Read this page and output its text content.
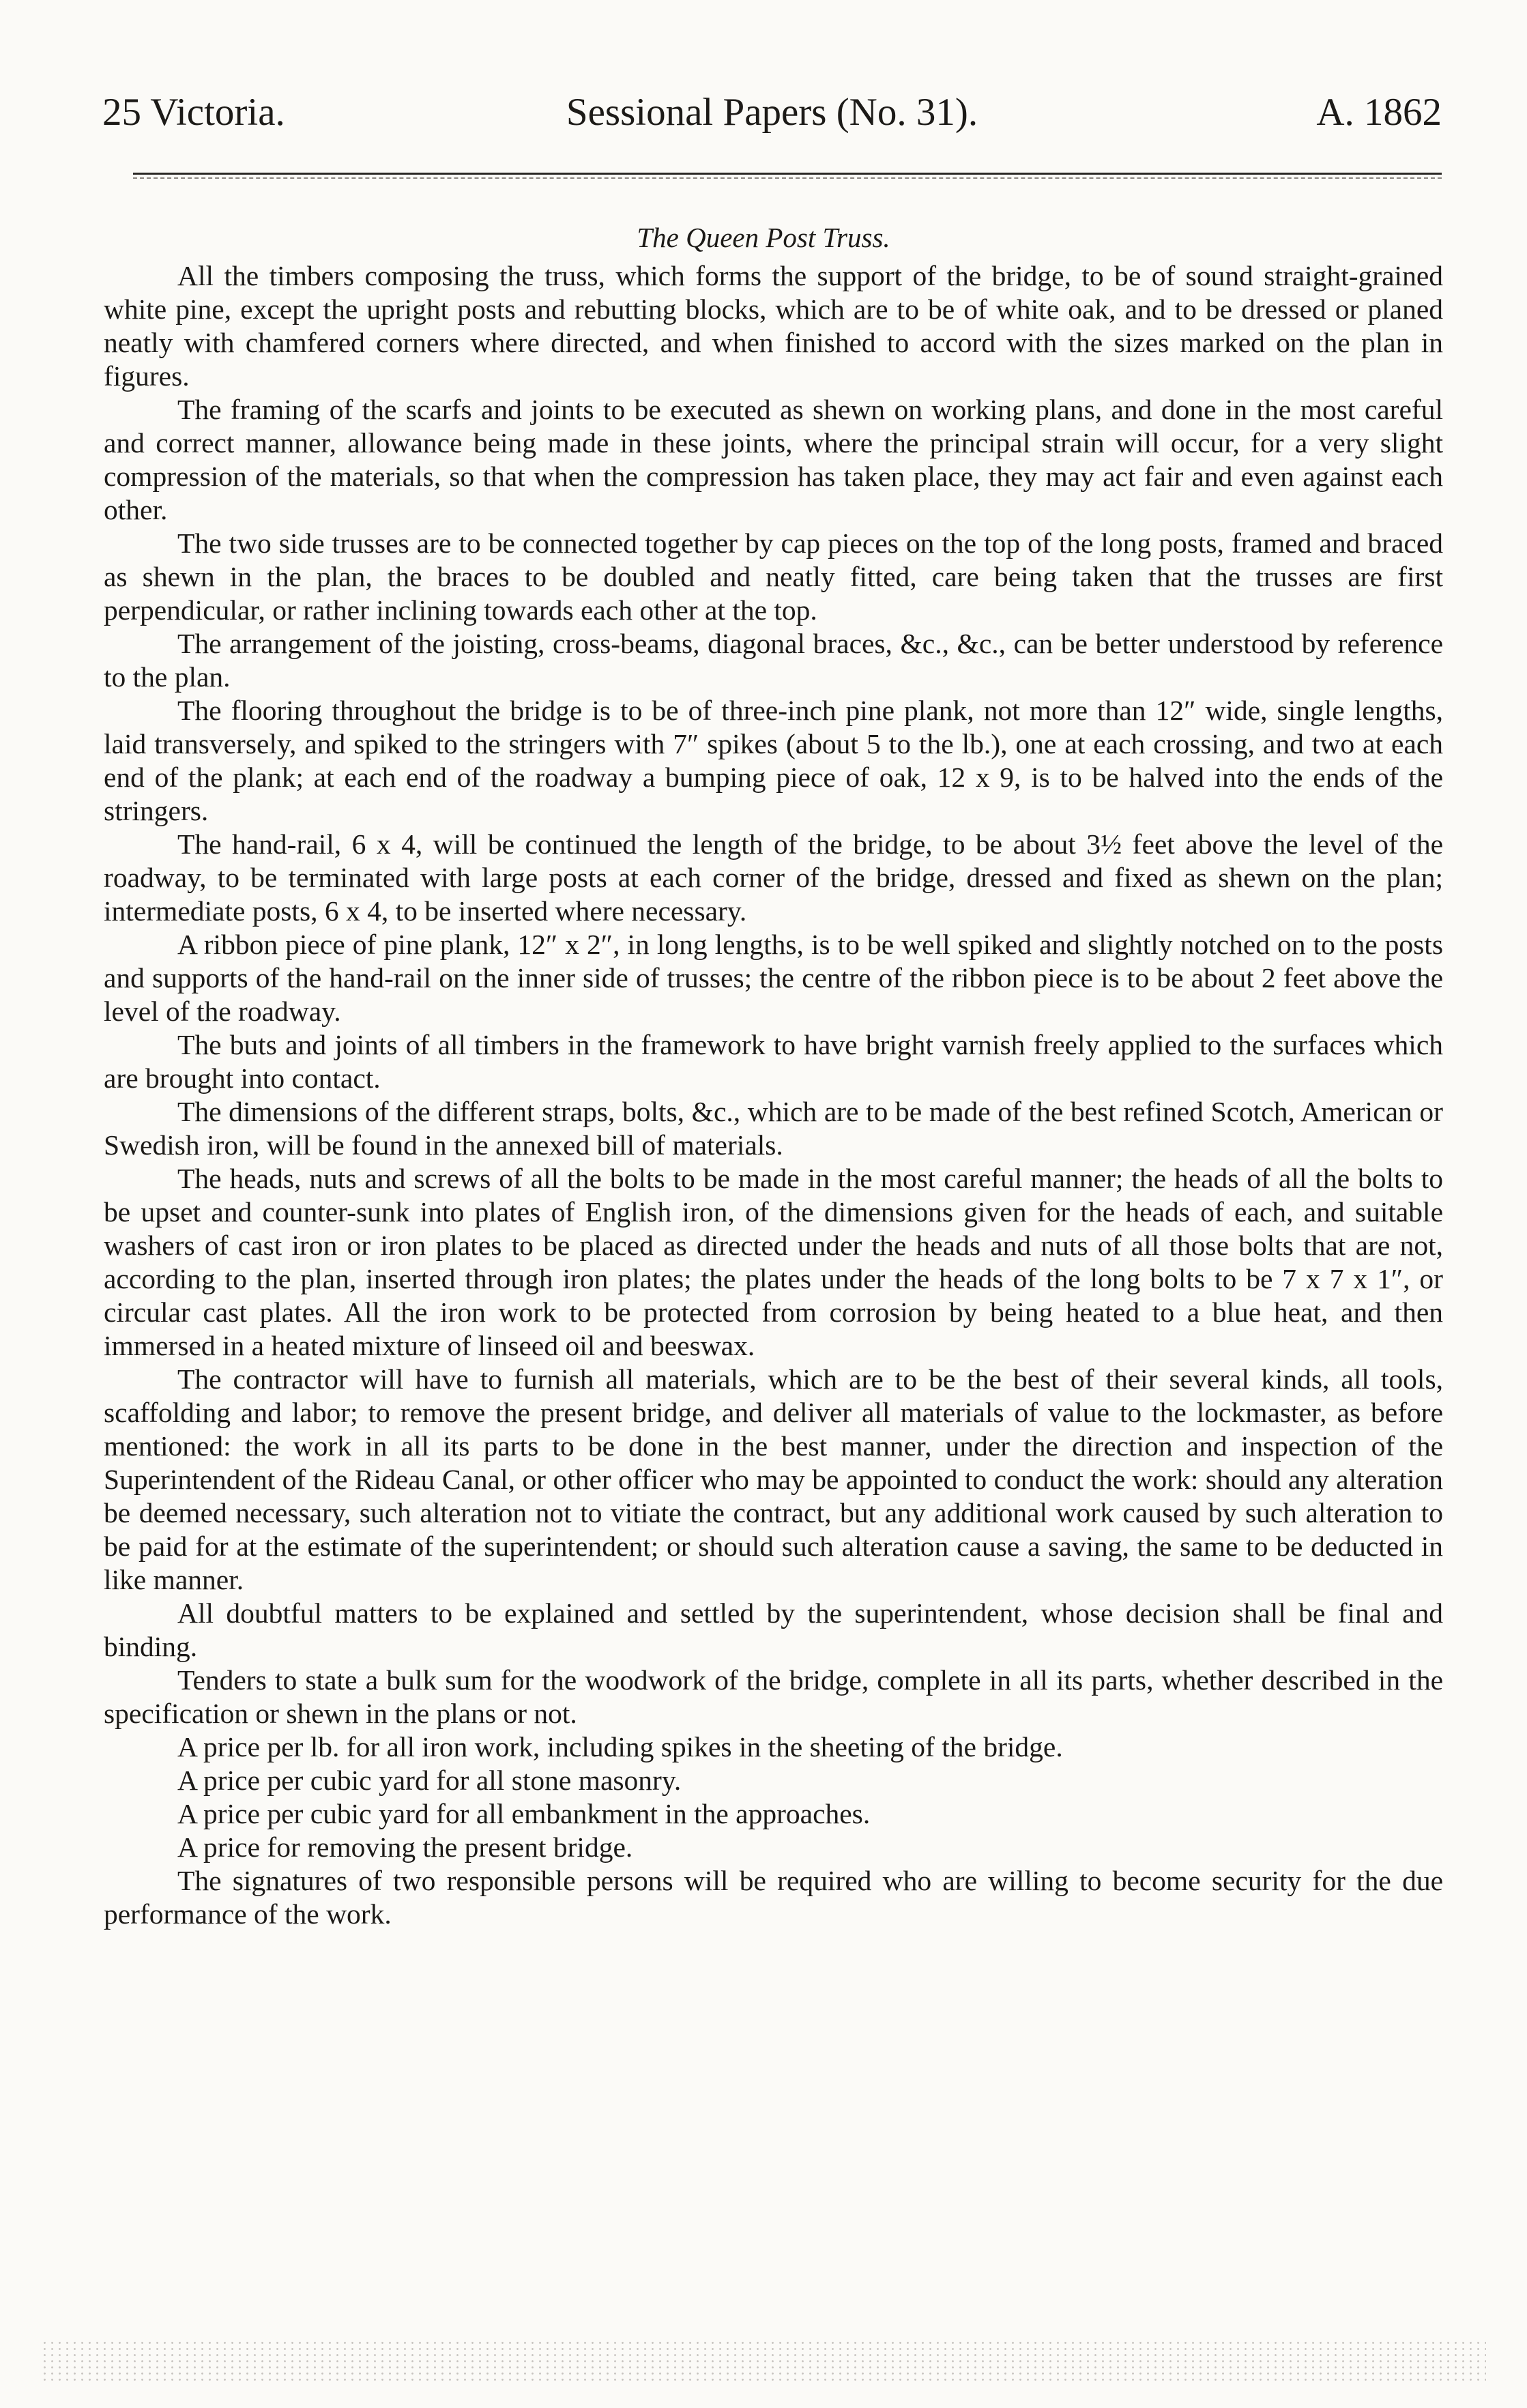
25 Victoria.	Sessional Papers (No. 31).	A. 1862
The Queen Post Truss.

All the timbers composing the truss, which forms the support of the bridge, to be of sound straight-grained white pine, except the upright posts and rebutting blocks, which are to be of white oak, and to be dressed or planed neatly with chamfered corners where directed, and when finished to accord with the sizes marked on the plan in figures.

The framing of the scarfs and joints to be executed as shewn on working plans, and done in the most careful and correct manner, allowance being made in these joints, where the principal strain will occur, for a very slight compression of the materials, so that when the compression has taken place, they may act fair and even against each other.

The two side trusses are to be connected together by cap pieces on the top of the long posts, framed and braced as shewn in the plan, the braces to be doubled and neatly fitted, care being taken that the trusses are first perpendicular, or rather inclining towards each other at the top.

The arrangement of the joisting, cross-beams, diagonal braces, &c., &c., can be better understood by reference to the plan.

The flooring throughout the bridge is to be of three-inch pine plank, not more than 12″ wide, single lengths, laid transversely, and spiked to the stringers with 7″ spikes (about 5 to the lb.), one at each crossing, and two at each end of the plank; at each end of the roadway a bumping piece of oak, 12 x 9, is to be halved into the ends of the stringers.

The hand-rail, 6 x 4, will be continued the length of the bridge, to be about 3½ feet above the level of the roadway, to be terminated with large posts at each corner of the bridge, dressed and fixed as shewn on the plan; intermediate posts, 6 x 4, to be inserted where necessary.

A ribbon piece of pine plank, 12″ x 2″, in long lengths, is to be well spiked and slightly notched on to the posts and supports of the hand-rail on the inner side of trusses; the centre of the ribbon piece is to be about 2 feet above the level of the roadway.

The buts and joints of all timbers in the framework to have bright varnish freely applied to the surfaces which are brought into contact.

The dimensions of the different straps, bolts, &c., which are to be made of the best refined Scotch, American or Swedish iron, will be found in the annexed bill of materials.

The heads, nuts and screws of all the bolts to be made in the most careful manner; the heads of all the bolts to be upset and counter-sunk into plates of English iron, of the dimensions given for the heads of each, and suitable washers of cast iron or iron plates to be placed as directed under the heads and nuts of all those bolts that are not, according to the plan, inserted through iron plates; the plates under the heads of the long bolts to be 7 x 7 x 1″, or circular cast plates. All the iron work to be protected from corrosion by being heated to a blue heat, and then immersed in a heated mixture of linseed oil and beeswax.

The contractor will have to furnish all materials, which are to be the best of their several kinds, all tools, scaffolding and labor; to remove the present bridge, and deliver all materials of value to the lockmaster, as before mentioned: the work in all its parts to be done in the best manner, under the direction and inspection of the Superintendent of the Rideau Canal, or other officer who may be appointed to conduct the work: should any alteration be deemed necessary, such alteration not to vitiate the contract, but any additional work caused by such alteration to be paid for at the estimate of the superintendent; or should such alteration cause a saving, the same to be deducted in like manner.

All doubtful matters to be explained and settled by the superintendent, whose decision shall be final and binding.

Tenders to state a bulk sum for the woodwork of the bridge, complete in all its parts, whether described in the specification or shewn in the plans or not.

A price per lb. for all iron work, including spikes in the sheeting of the bridge.

A price per cubic yard for all stone masonry.

A price per cubic yard for all embankment in the approaches.

A price for removing the present bridge.

The signatures of two responsible persons will be required who are willing to become security for the due performance of the work.
